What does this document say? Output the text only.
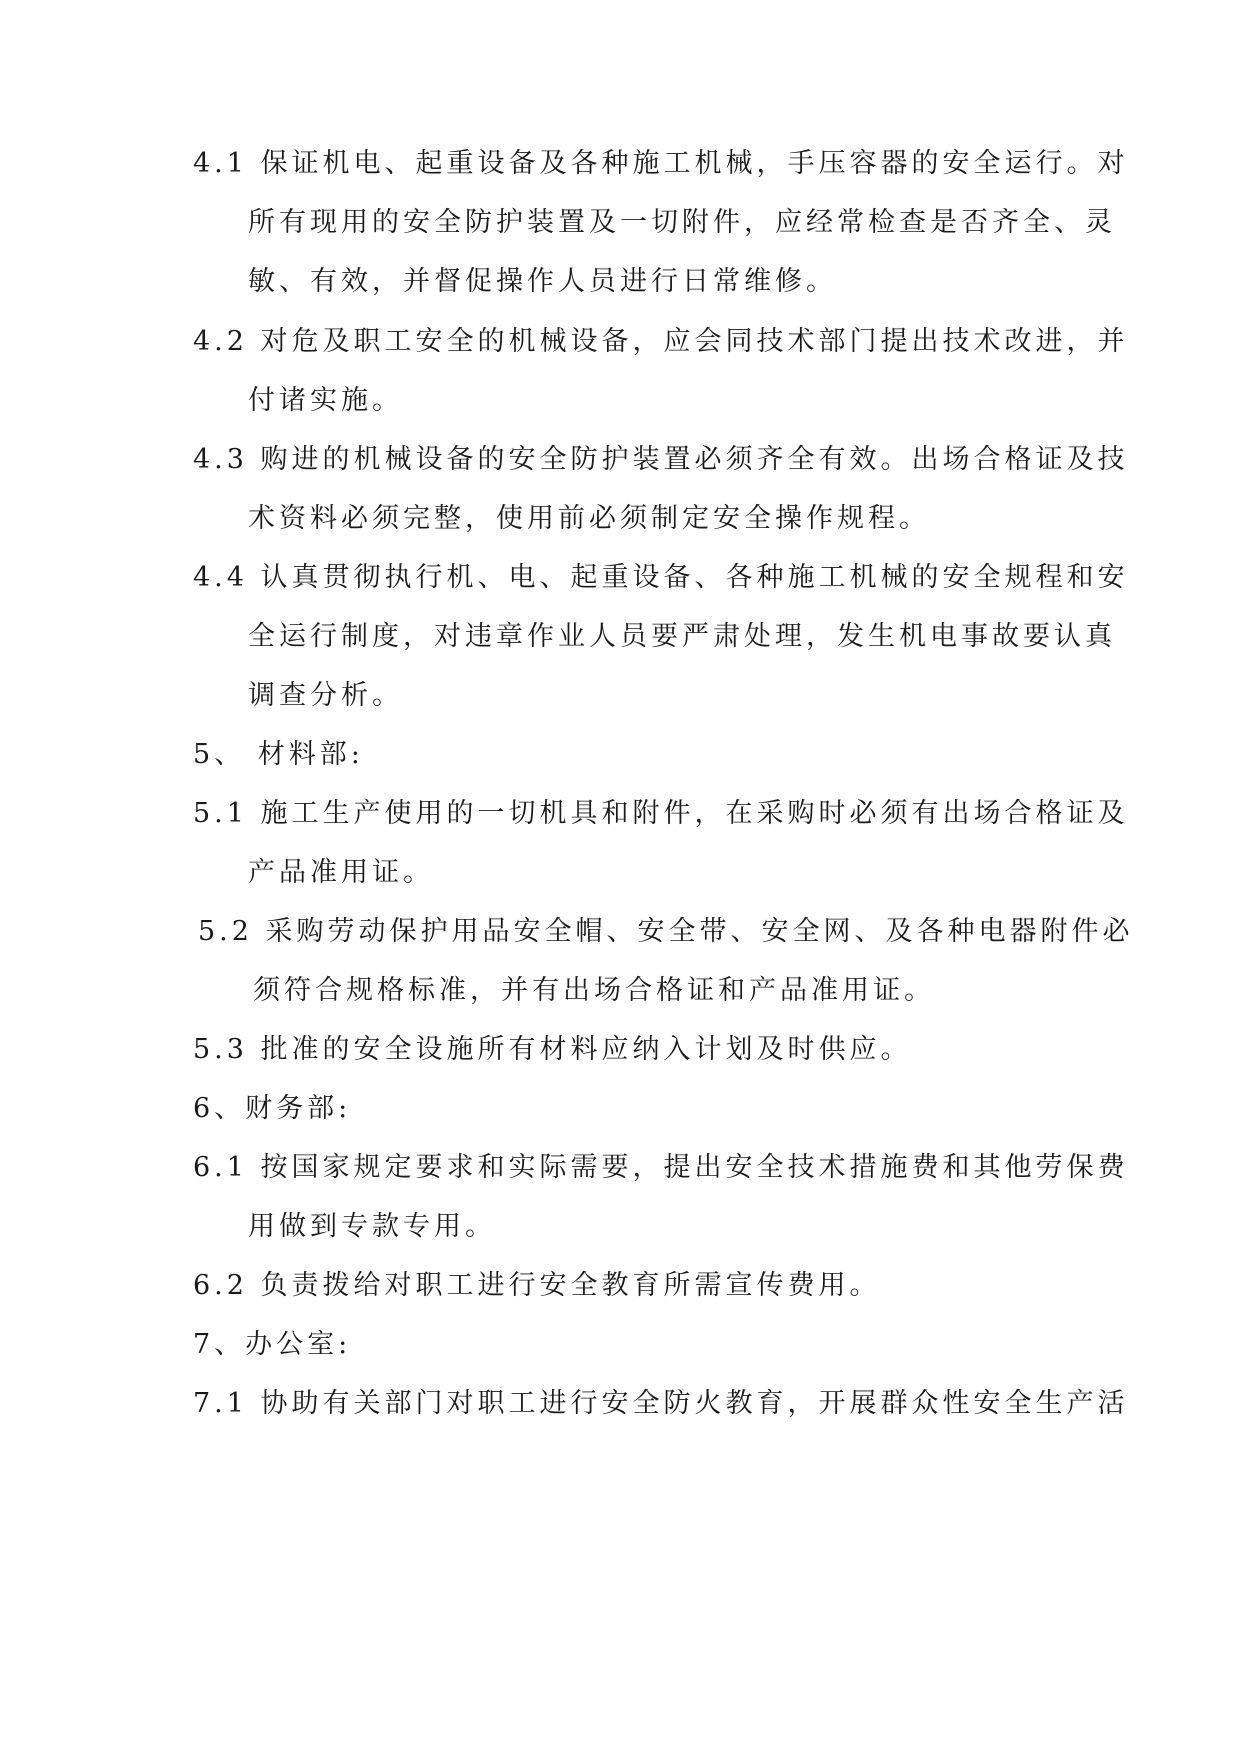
4.1 保证机电、起重设备及各种施工机械，手压容器的安全运行。对
所有现用的安全防护装置及一切附件，应经常检查是否齐全、灵
敏、有效，并督促操作人员进行日常维修。
4.2 对危及职工安全的机械设备，应会同技术部门提出技术改进，并
付诸实施。
4.3 购进的机械设备的安全防护装置必须齐全有效。出场合格证及技
术资料必须完整，使用前必须制定安全操作规程。
4.4 认真贯彻执行机、电、起重设备、各种施工机械的安全规程和安
全运行制度，对违章作业人员要严肃处理，发生机电事故要认真
调查分析。
5、 材料部:
5.1 施工生产使用的一切机具和附件，在采购时必须有出场合格证及
产品准用证。
5.2 采购劳动保护用品安全帽、安全带、安全网、及各种电器附件必
须符合规格标准，并有出场合格证和产品准用证。
5.3 批准的安全设施所有材料应纳入计划及时供应。
6、财务部:
6.1 按国家规定要求和实际需要，提出安全技术措施费和其他劳保费
用做到专款专用。
6.2 负责拨给对职工进行安全教育所需宣传费用。
7、办公室:
7.1 协助有关部门对职工进行安全防火教育，开展群众性安全生产活
